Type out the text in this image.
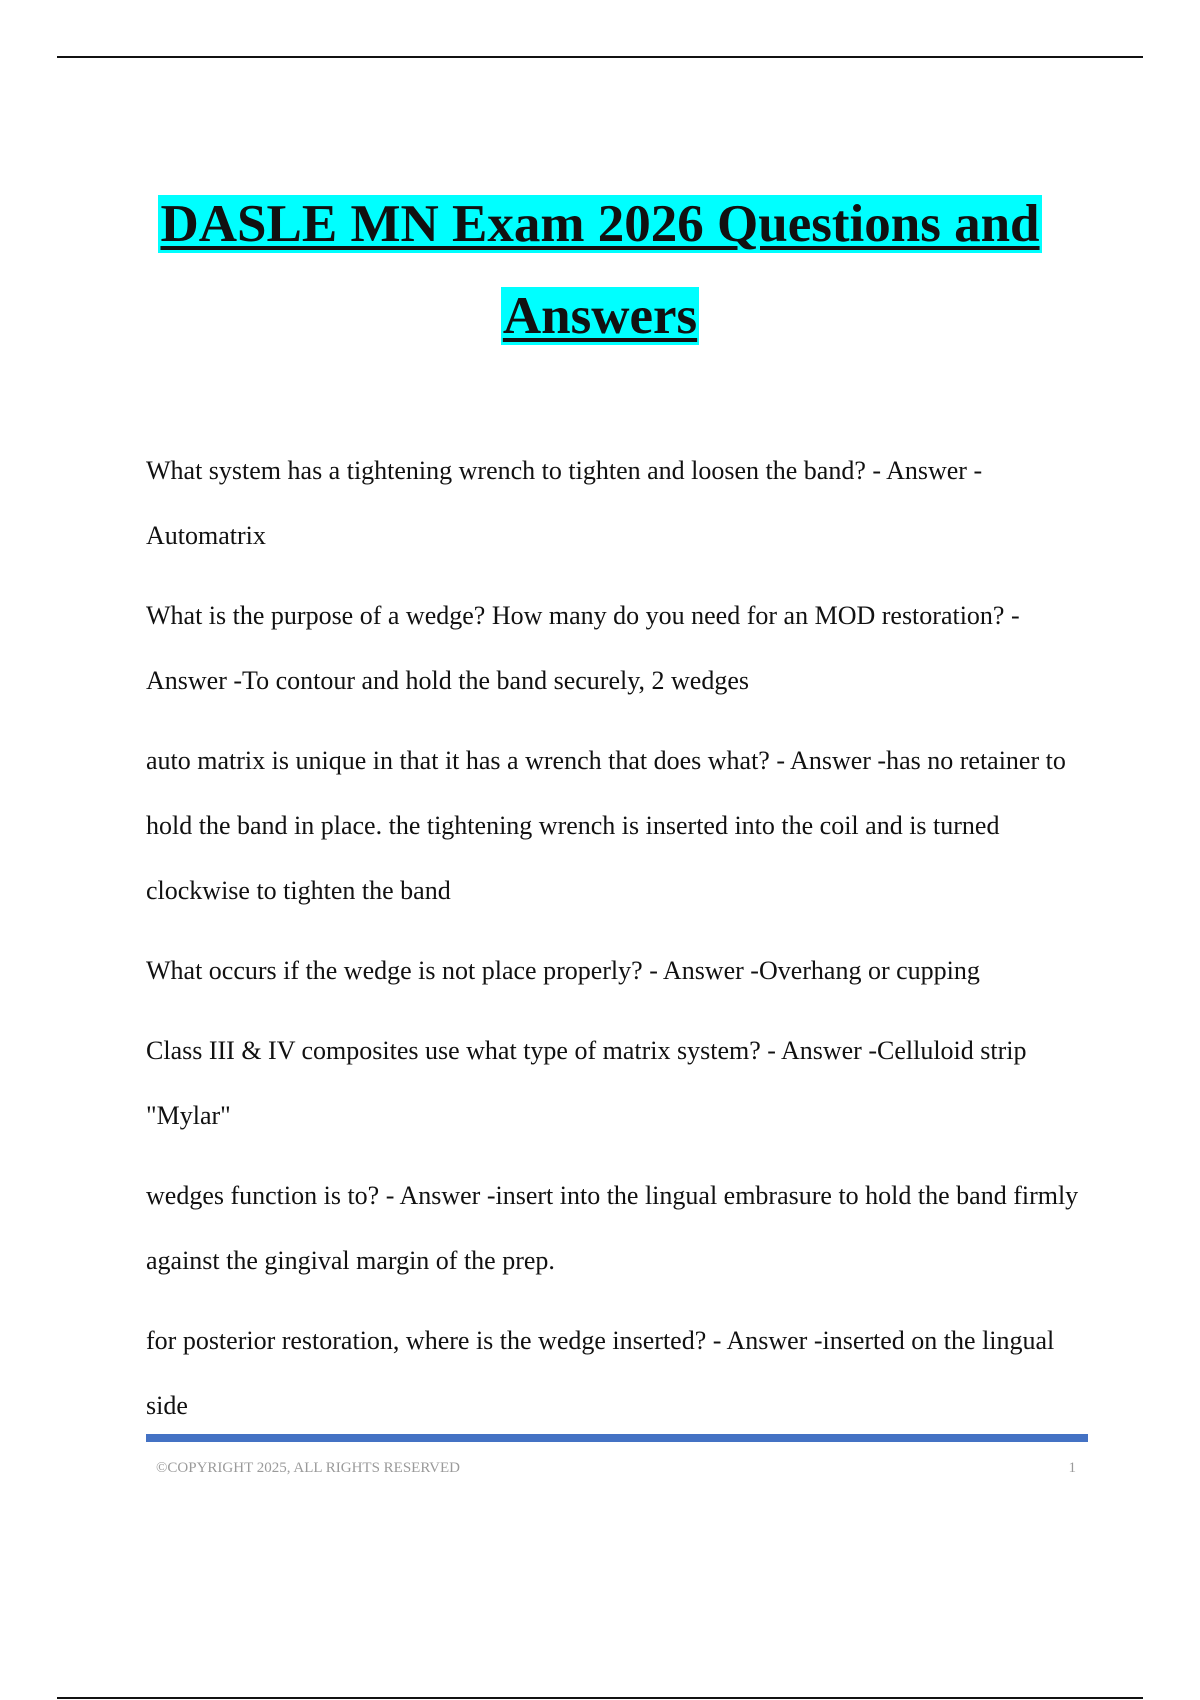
DASLE MN Exam 2026 Questions and
Answers

What system has a tightening wrench to tighten and loosen the band? - Answer -Automatrix

What is the purpose of a wedge? How many do you need for an MOD restoration? - Answer -To contour and hold the band securely, 2 wedges

auto matrix is unique in that it has a wrench that does what? - Answer -has no retainer to hold the band in place. the tightening wrench is inserted into the coil and is turned clockwise to tighten the band

What occurs if the wedge is not place properly? - Answer -Overhang or cupping

Class III & IV composites use what type of matrix system? - Answer -Celluloid strip "Mylar"

wedges function is to? - Answer -insert into the lingual embrasure to hold the band firmly against the gingival margin of the prep.

for posterior restoration, where is the wedge inserted? - Answer -inserted on the lingual side

©COPYRIGHT 2025, ALL RIGHTS RESERVED	1
